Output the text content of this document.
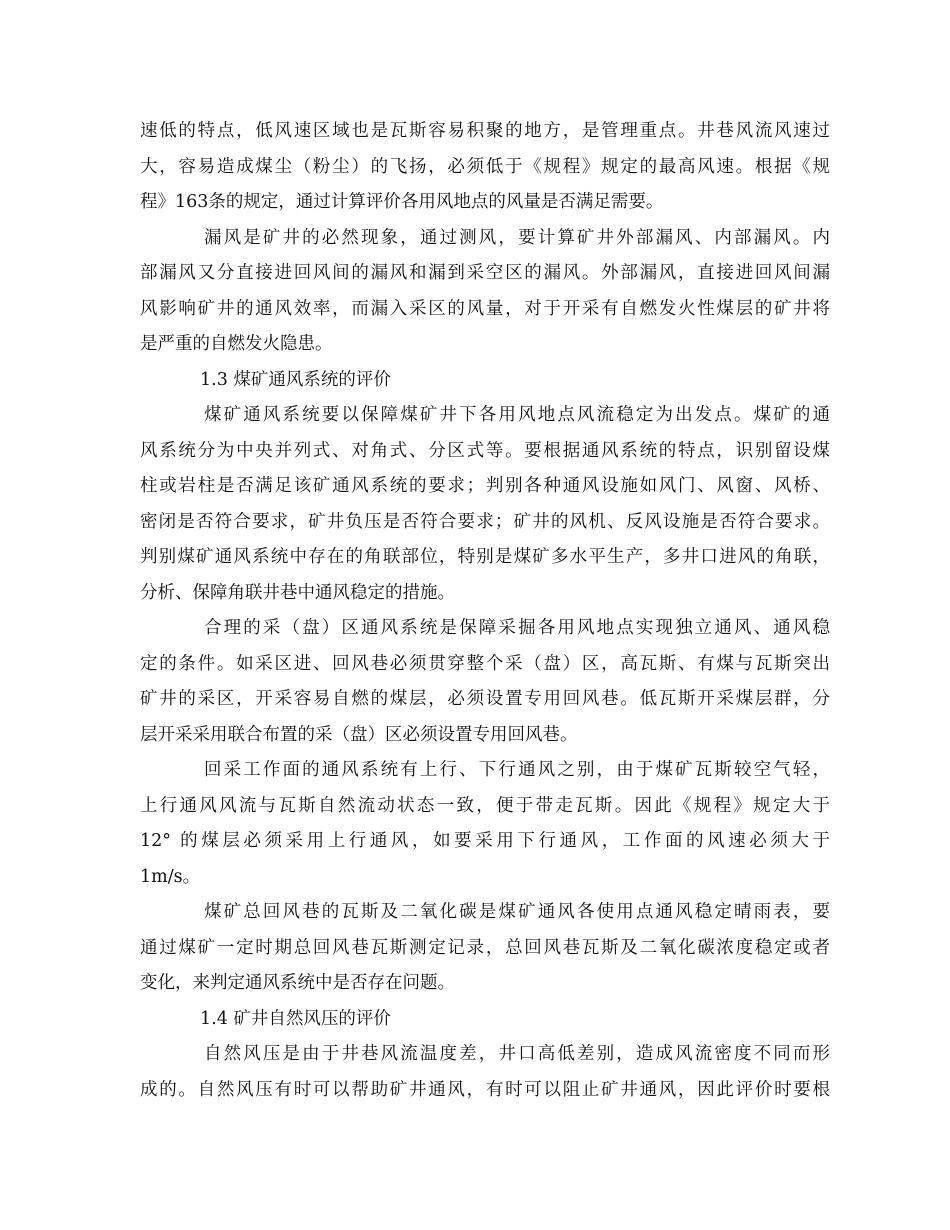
速低的特点，低风速区域也是瓦斯容易积聚的地方，是管理重点。井巷风流风速过
大，容易造成煤尘（粉尘）的飞扬，必须低于《规程》规定的最高风速。根据《规
程》163条的规定，通过计算评价各用风地点的风量是否满足需要。
漏风是矿井的必然现象，通过测风，要计算矿井外部漏风、内部漏风。内
部漏风又分直接进回风间的漏风和漏到采空区的漏风。外部漏风，直接进回风间漏
风影响矿井的通风效率，而漏入采区的风量，对于开采有自燃发火性煤层的矿井将
是严重的自燃发火隐患。
1.3 煤矿通风系统的评价
煤矿通风系统要以保障煤矿井下各用风地点风流稳定为出发点。煤矿的通
风系统分为中央并列式、对角式、分区式等。要根据通风系统的特点，识别留设煤
柱或岩柱是否满足该矿通风系统的要求；判别各种通风设施如风门、风窗、风桥、
密闭是否符合要求，矿井负压是否符合要求；矿井的风机、反风设施是否符合要求。
判别煤矿通风系统中存在的角联部位，特别是煤矿多水平生产，多井口进风的角联，
分析、保障角联井巷中通风稳定的措施。
合理的采（盘）区通风系统是保障采掘各用风地点实现独立通风、通风稳
定的条件。如采区进、回风巷必须贯穿整个采（盘）区，高瓦斯、有煤与瓦斯突出
矿井的采区，开采容易自燃的煤层，必须设置专用回风巷。低瓦斯开采煤层群，分
层开采采用联合布置的采（盘）区必须设置专用回风巷。
回采工作面的通风系统有上行、下行通风之别，由于煤矿瓦斯较空气轻，
上行通风风流与瓦斯自然流动状态一致，便于带走瓦斯。因此《规程》规定大于
12° 的煤层必须采用上行通风，如要采用下行通风，工作面的风速必须大于
1m/s。
煤矿总回风巷的瓦斯及二氧化碳是煤矿通风各使用点通风稳定晴雨表，要
通过煤矿一定时期总回风巷瓦斯测定记录，总回风巷瓦斯及二氧化碳浓度稳定或者
变化，来判定通风系统中是否存在问题。
1.4 矿井自然风压的评价
自然风压是由于井巷风流温度差，井口高低差别，造成风流密度不同而形
成的。自然风压有时可以帮助矿井通风，有时可以阻止矿井通风，因此评价时要根
